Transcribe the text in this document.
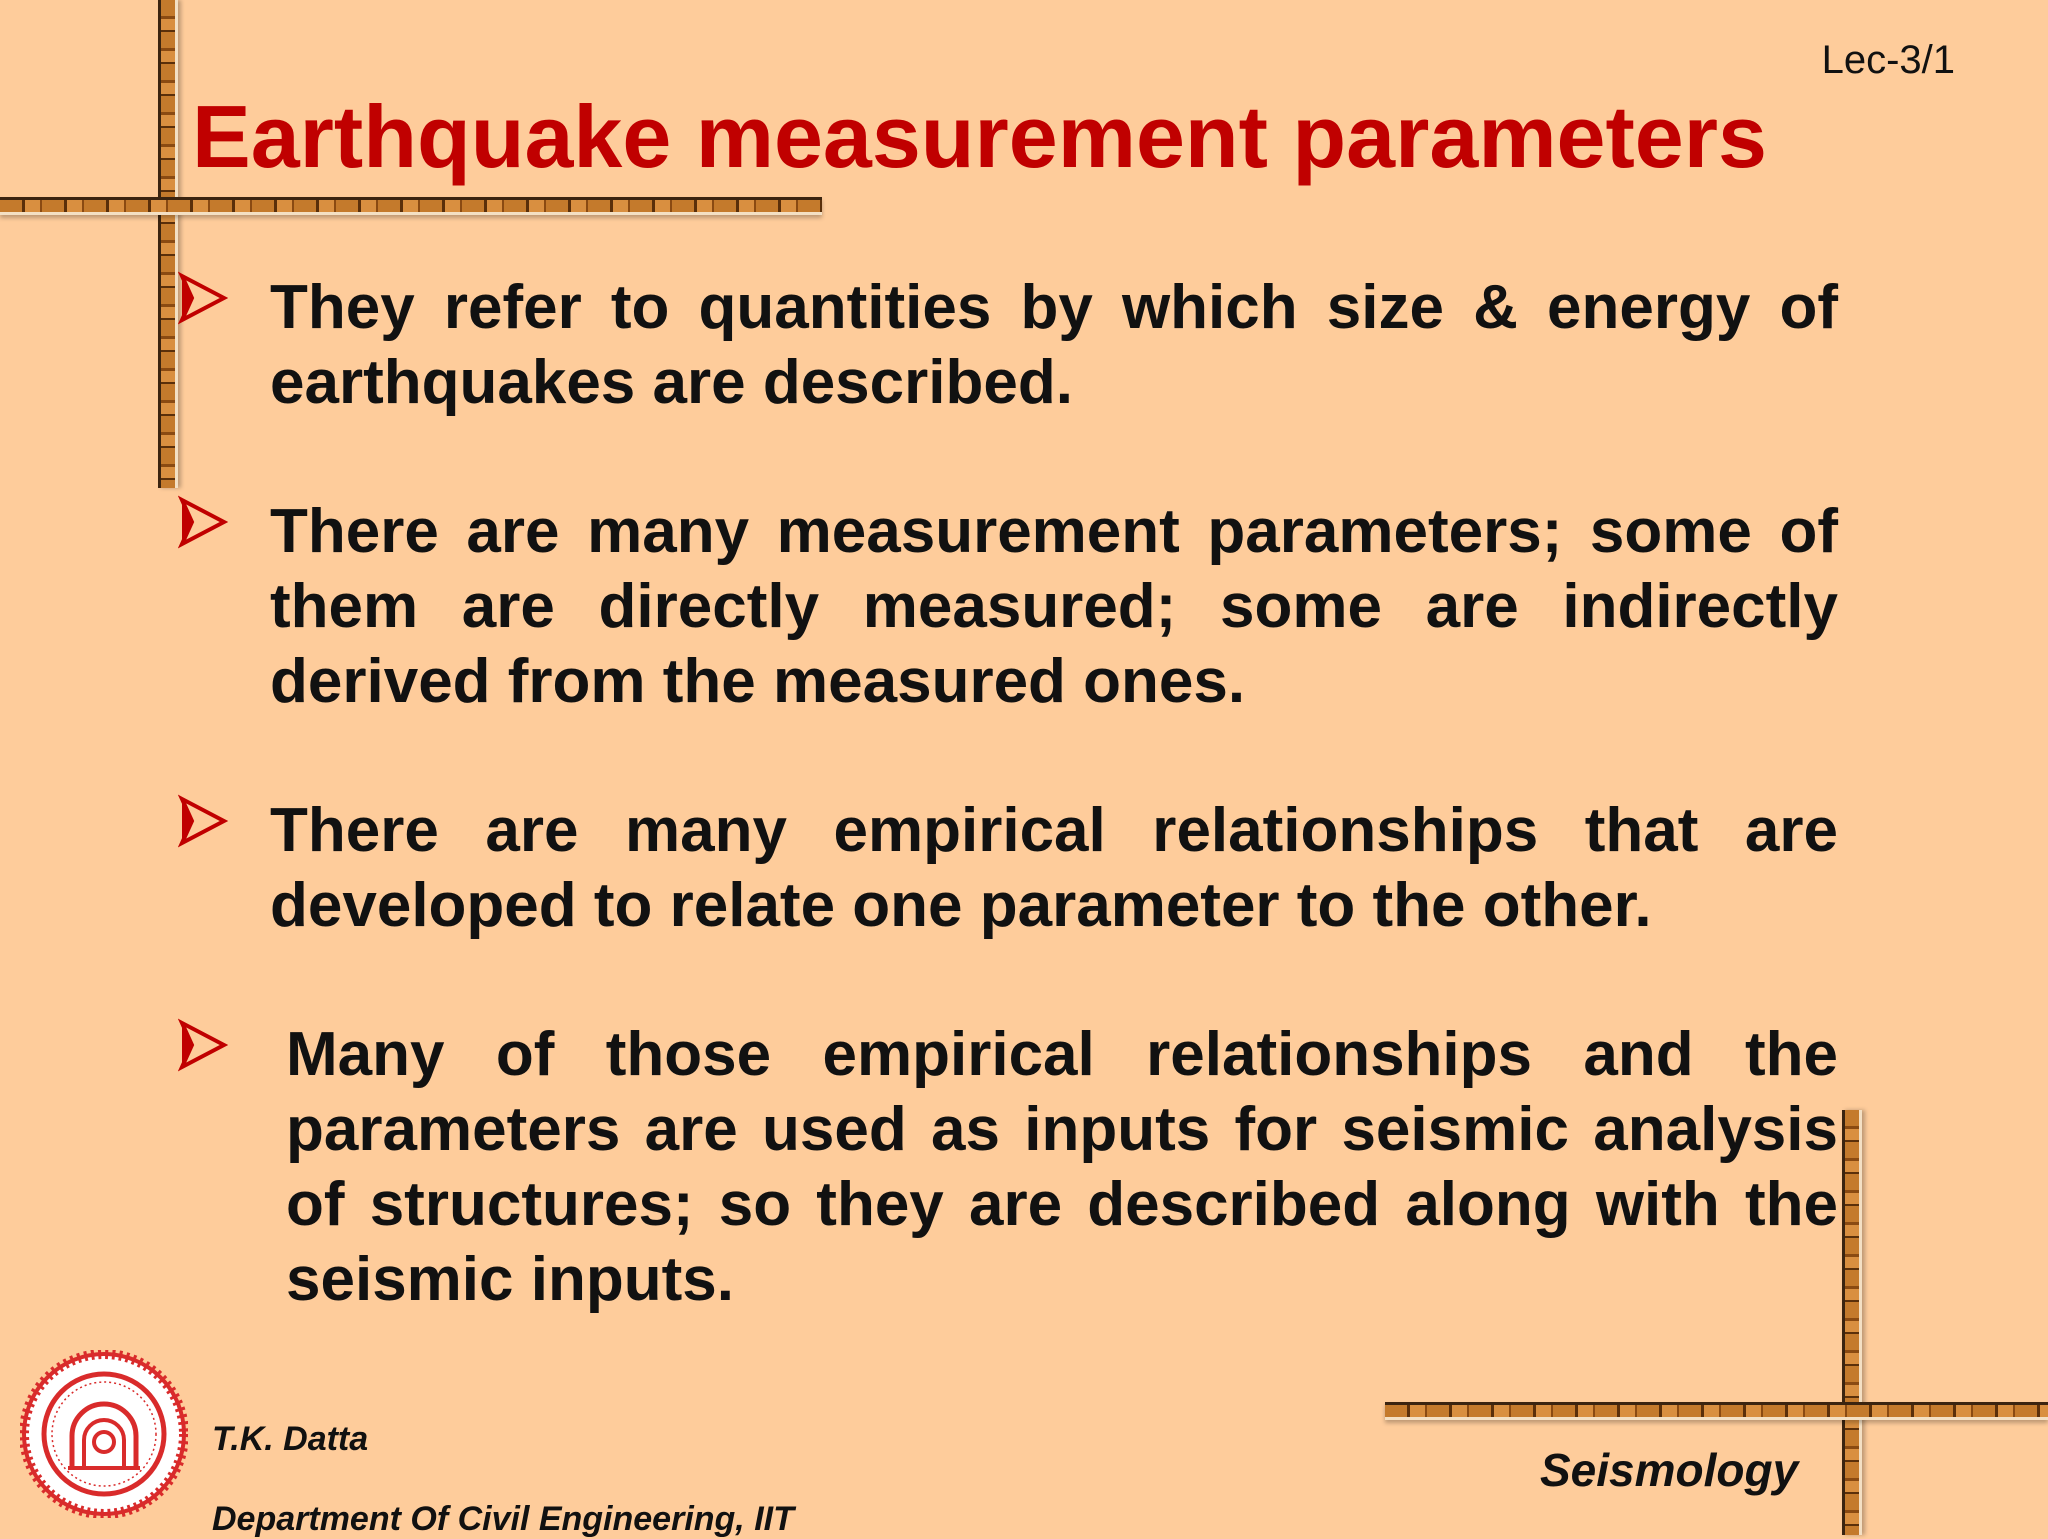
Lec-3/1
Earthquake measurement parameters
They refer to quantities by which size & energy of earthquakes are described.
There are many measurement parameters; some of them are directly measured; some are indirectly derived from the measured ones.
There are many empirical relationships that are developed to relate one parameter to the other.
Many of those empirical relationships and the parameters are used as inputs for seismic analysis of structures; so they are described along with the seismic inputs.
T.K. Datta
Department Of Civil Engineering, IIT
Seismology
